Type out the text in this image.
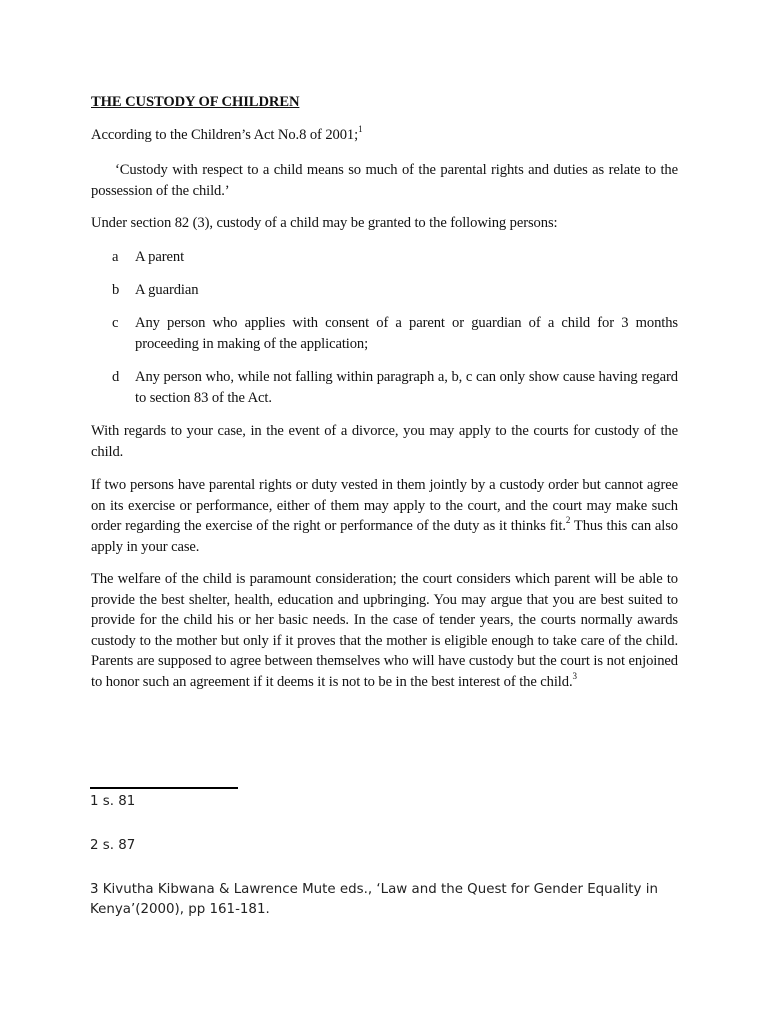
THE CUSTODY OF CHILDREN

According to the Children’s Act No.8 of 2001;$^1$

‘Custody with respect to a child means so much of the parental rights and duties as relate to the possession of the child.’

Under section 82 (3), custody of a child may be granted to the following persons:

a A parent
b A guardian
c Any person who applies with consent of a parent or guardian of a child for 3 months proceeding in making of the application;
d Any person who, while not falling within paragraph a, b, c can only show cause having regard to section 83 of the Act.

With regards to your case, in the event of a divorce, you may apply to the courts for custody of the child.

If two persons have parental rights or duty vested in them jointly by a custody order but cannot agree on its exercise or performance, either of them may apply to the court, and the court may make such order regarding the exercise of the right or performance of the duty as it thinks fit.$^2$ Thus this can also apply in your case.

The welfare of the child is paramount consideration; the court considers which parent will be able to provide the best shelter, health, education and upbringing. You may argue that you are best suited to provide for the child his or her basic needs. In the case of tender years, the courts normally awards custody to the mother but only if it proves that the mother is eligible enough to take care of the child. Parents are supposed to agree between themselves who will have custody but the court is not enjoined to honor such an agreement if it deems it is not to be in the best interest of the child.$^3$

1 s. 81

2 s. 87

3 Kivutha Kibwana & Lawrence Mute eds., ‘Law and the Quest for Gender Equality in Kenya’(2000), pp 161-181.
